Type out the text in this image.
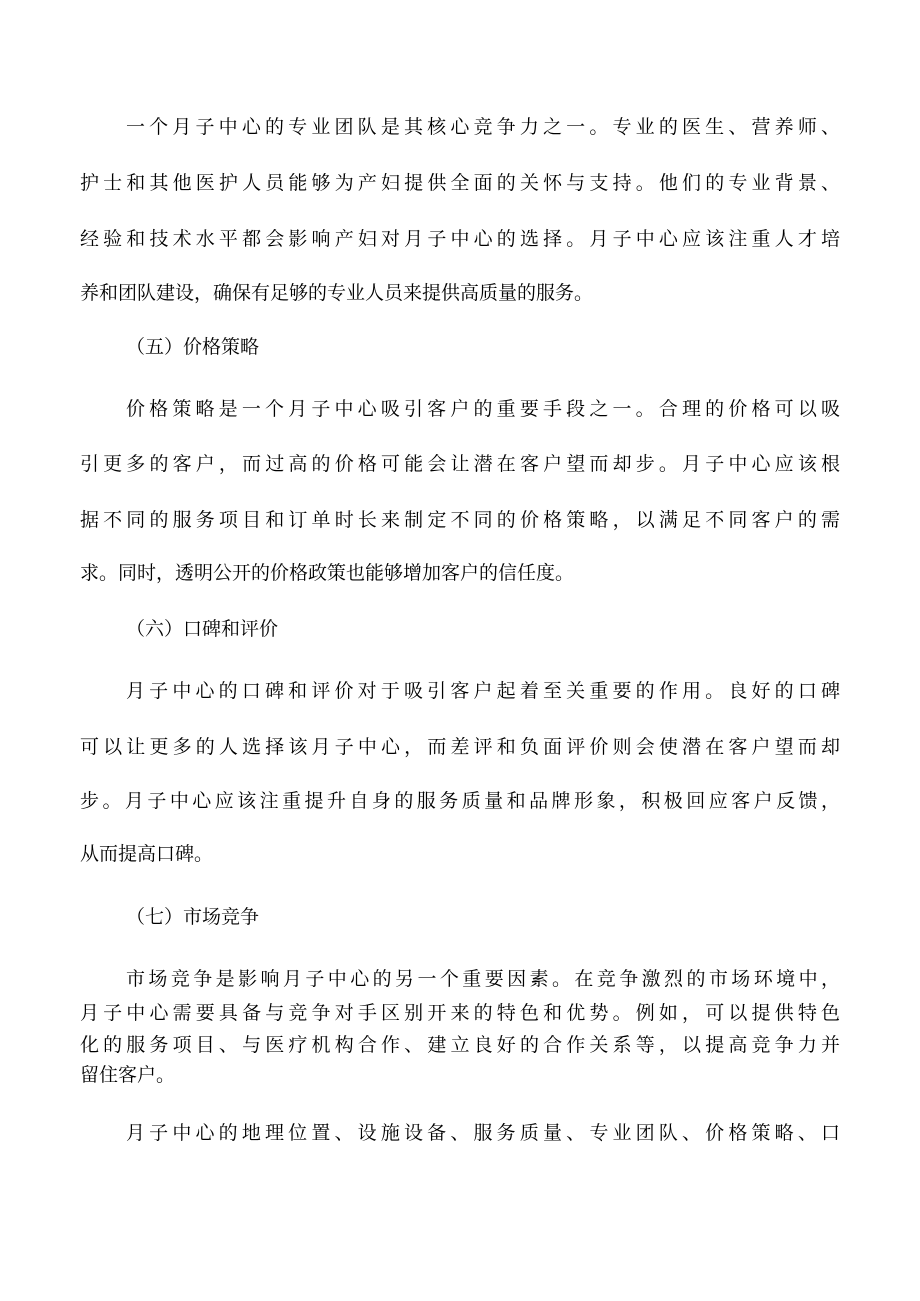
一个月子中心的专业团队是其核心竞争力之一。专业的医生、营养师、
护士和其他医护人员能够为产妇提供全面的关怀与支持。他们的专业背景、
经验和技术水平都会影响产妇对月子中心的选择。月子中心应该注重人才培
养和团队建设，确保有足够的专业人员来提供高质量的服务。
（五）价格策略
价格策略是一个月子中心吸引客户的重要手段之一。合理的价格可以吸
引更多的客户，而过高的价格可能会让潜在客户望而却步。月子中心应该根
据不同的服务项目和订单时长来制定不同的价格策略，以满足不同客户的需
求。同时，透明公开的价格政策也能够增加客户的信任度。
（六）口碑和评价
月子中心的口碑和评价对于吸引客户起着至关重要的作用。良好的口碑
可以让更多的人选择该月子中心，而差评和负面评价则会使潜在客户望而却
步。月子中心应该注重提升自身的服务质量和品牌形象，积极回应客户反馈，
从而提高口碑。
（七）市场竞争
市场竞争是影响月子中心的另一个重要因素。在竞争激烈的市场环境中，
月子中心需要具备与竞争对手区别开来的特色和优势。例如，可以提供特色
化的服务项目、与医疗机构合作、建立良好的合作关系等，以提高竞争力并
留住客户。
月子中心的地理位置、设施设备、服务质量、专业团队、价格策略、口
